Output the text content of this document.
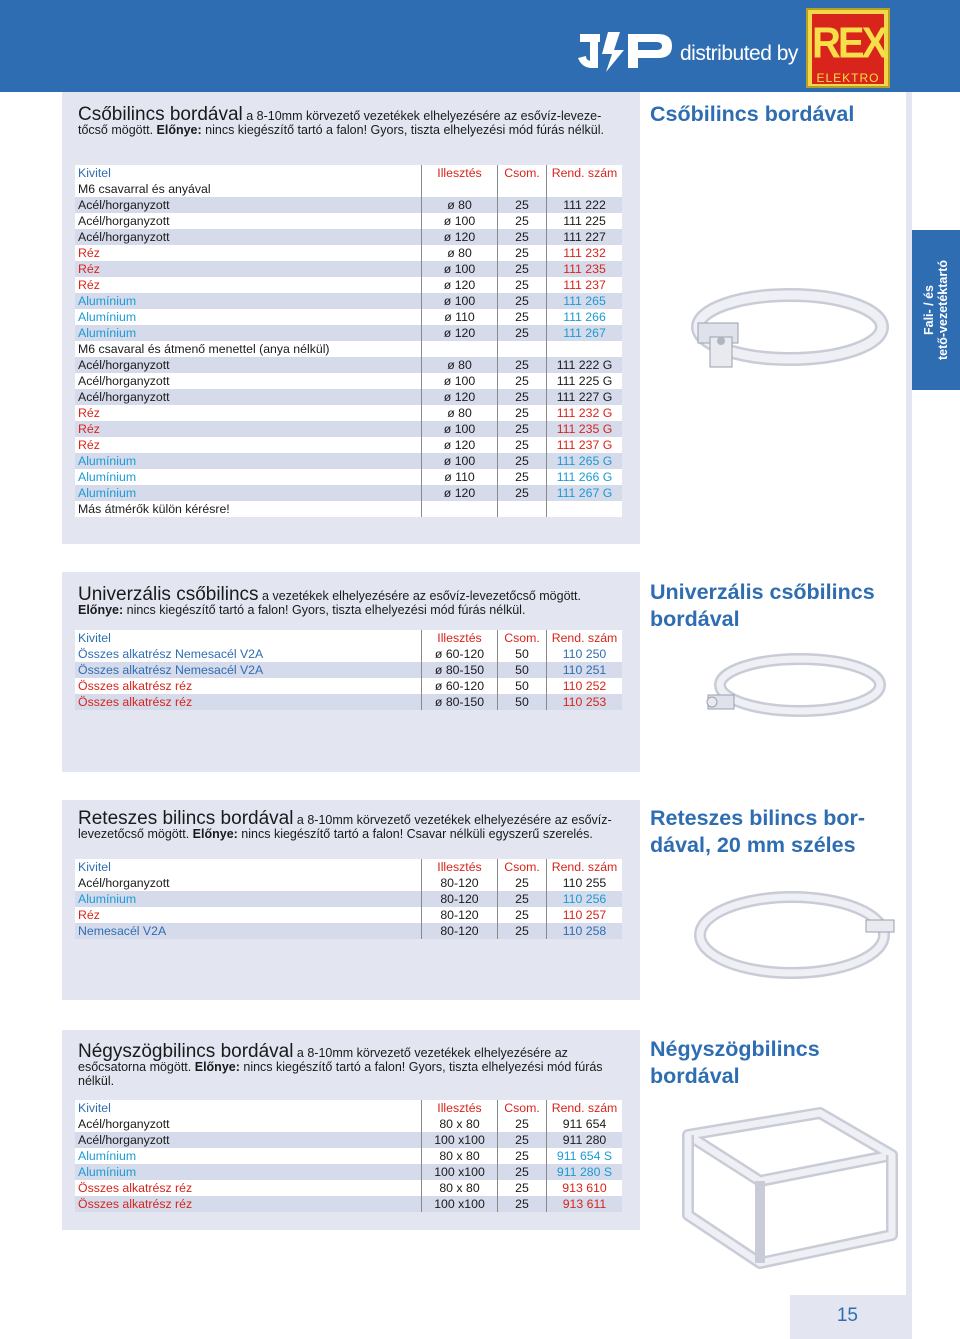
distributed by REX
ELEKTRO
Fali- / és
tető-vezetéktartó
Csőbilincs bordával
Csőbilincs bordával a 8-10mm körvezető vezetékek elhelyezésére az esővíz-leveze-tőcső mögött. Előnye: nincs kiegészítő tartó a falon! Gyors, tiszta elhelyezési mód fúrás nélkül.
Kivitel	Illesztés	Csom.	Rend. szám
M6 csavarral és anyával			
Acél/horganyzott	ø 80	25	111 222
Acél/horganyzott	ø 100	25	111 225
Acél/horganyzott	ø 120	25	111 227
Réz	ø 80	25	111 232
Réz	ø 100	25	111 235
Réz	ø 120	25	111 237
Alumínium	ø 100	25	111 265
Alumínium	ø 110	25	111 266
Alumínium	ø 120	25	111 267
M6 csavaral és átmenő menettel (anya nélkül)			
Acél/horganyzott	ø 80	25	111 222 G
Acél/horganyzott	ø 100	25	111 225 G
Acél/horganyzott	ø 120	25	111 227 G
Réz	ø 80	25	111 232 G
Réz	ø 100	25	111 235 G
Réz	ø 120	25	111 237 G
Alumínium	ø 100	25	111 265 G
Alumínium	ø 110	25	111 266 G
Alumínium	ø 120	25	111 267 G
Más átmérők külön kérésre!			
Univerzális csőbilincs bordával
Univerzális csőbilincs a vezetékek elhelyezésére az esővíz-levezetőcső mögött.
Előnye: nincs kiegészítő tartó a falon! Gyors, tiszta elhelyezési mód fúrás nélkül.
Kivitel	Illesztés	Csom.	Rend. szám
Összes alkatrész Nemesacél V2A	ø 60-120	50	110 250
Összes alkatrész Nemesacél V2A	ø 80-150	50	110 251
Összes alkatrész réz	ø 60-120	50	110 252
Összes alkatrész réz	ø 80-150	50	110 253
Reteszes bilincs bor-dával, 20 mm széles
Reteszes bilincs bordával a 8-10mm körvezető vezetékek elhelyezésére az esővíz-levezetőcső mögött. Előnye: nincs kiegészítő tartó a falon! Csavar nélküli egyszerű szerelés.
Kivitel	Illesztés	Csom.	Rend. szám
Acél/horganyzott	80-120	25	110 255
Alumínium	80-120	25	110 256
Réz	80-120	25	110 257
Nemesacél V2A	80-120	25	110 258
Négyszögbilincs bordával
Négyszögbilincs bordával a 8-10mm körvezető vezetékek elhelyezésére az esőcsatorna mögött. Előnye: nincs kiegészítő tartó a falon! Gyors, tiszta elhelyezési mód fúrás nélkül.
Kivitel	Illesztés	Csom.	Rend. szám
Acél/horganyzott	80 x 80	25	911 654
Acél/horganyzott	100 x100	25	911 280
Alumínium	80 x 80	25	911 654 S
Alumínium	100 x100	25	911 280 S
Összes alkatrész réz	80 x 80	25	913 610
Összes alkatrész réz	100 x100	25	913 611
15
